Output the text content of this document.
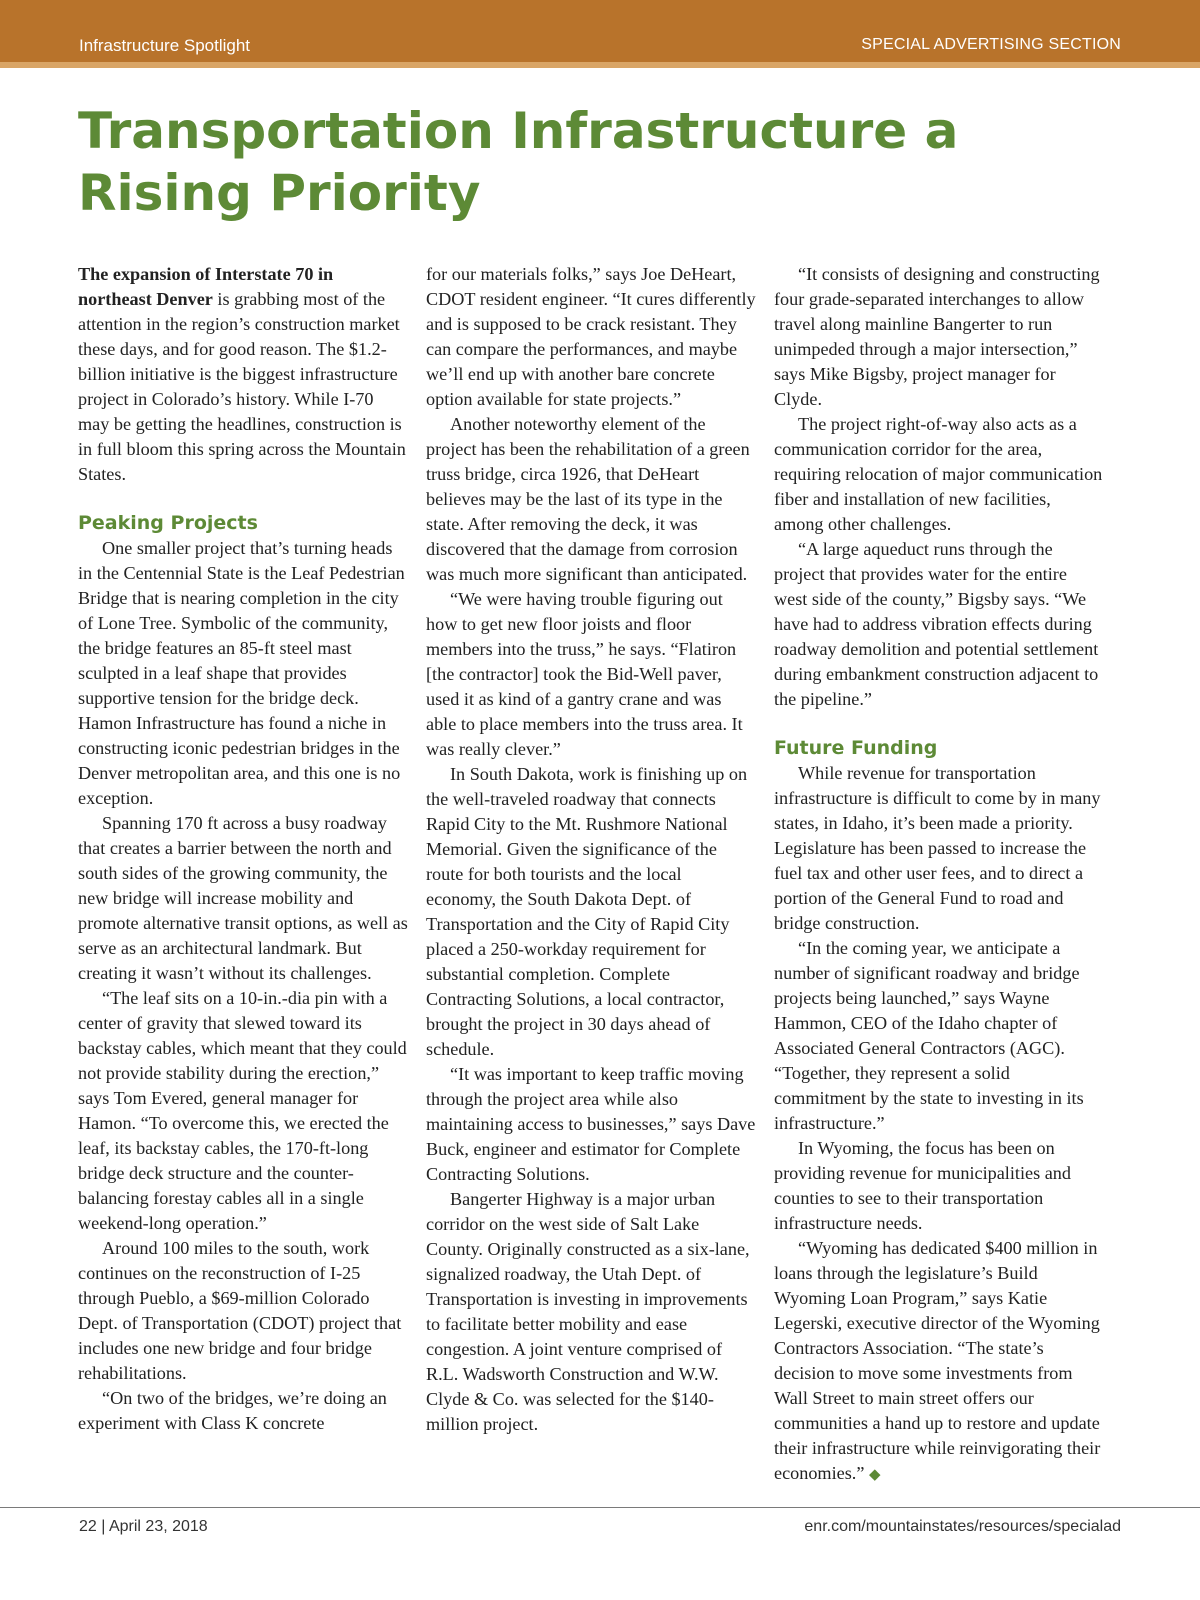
Infrastructure Spotlight	SPECIAL ADVERTISING SECTION
Transportation Infrastructure a Rising Priority

The expansion of Interstate 70 in northeast Denver is grabbing most of the attention in the region’s construction market these days, and for good reason. The $1.2-billion initiative is the biggest infrastructure project in Colorado’s history. While I-70 may be getting the headlines, construction is in full bloom this spring across the Mountain States.

Peaking Projects

One smaller project that’s turning heads in the Centennial State is the Leaf Pedestrian Bridge that is nearing completion in the city of Lone Tree. Symbolic of the community, the bridge features an 85-ft steel mast sculpted in a leaf shape that provides supportive tension for the bridge deck. Hamon Infrastructure has found a niche in constructing iconic pedestrian bridges in the Denver metropolitan area, and this one is no exception.

Spanning 170 ft across a busy roadway that creates a barrier between the north and south sides of the growing community, the new bridge will increase mobility and promote alternative transit options, as well as serve as an architectural landmark. But creating it wasn’t without its challenges.

“The leaf sits on a 10-in.-dia pin with a center of gravity that slewed toward its backstay cables, which meant that they could not provide stability during the erection,” says Tom Evered, general manager for Hamon. “To overcome this, we erected the leaf, its backstay cables, the 170-ft-long bridge deck structure and the counter-balancing forestay cables all in a single weekend-long operation.”

Around 100 miles to the south, work continues on the reconstruction of I-25 through Pueblo, a $69-million Colorado Dept. of Transportation (CDOT) project that includes one new bridge and four bridge rehabilitations.

“On two of the bridges, we’re doing an experiment with Class K concrete

for our materials folks,” says Joe DeHeart, CDOT resident engineer. “It cures differently and is supposed to be crack resistant. They can compare the performances, and maybe we’ll end up with another bare concrete option available for state projects.”

Another noteworthy element of the project has been the rehabilitation of a green truss bridge, circa 1926, that DeHeart believes may be the last of its type in the state. After removing the deck, it was discovered that the damage from corrosion was much more significant than anticipated.

“We were having trouble figuring out how to get new floor joists and floor members into the truss,” he says. “Flatiron [the contractor] took the Bid-Well paver, used it as kind of a gantry crane and was able to place members into the truss area. It was really clever.”

In South Dakota, work is finishing up on the well-traveled roadway that connects Rapid City to the Mt. Rushmore National Memorial. Given the significance of the route for both tourists and the local economy, the South Dakota Dept. of Transportation and the City of Rapid City placed a 250-workday requirement for substantial completion. Complete Contracting Solutions, a local contractor, brought the project in 30 days ahead of schedule.

“It was important to keep traffic moving through the project area while also maintaining access to businesses,” says Dave Buck, engineer and estimator for Complete Contracting Solutions.

Bangerter Highway is a major urban corridor on the west side of Salt Lake County. Originally constructed as a six-lane, signalized roadway, the Utah Dept. of Transportation is investing in improvements to facilitate better mobility and ease congestion. A joint venture comprised of R.L. Wadsworth Construction and W.W. Clyde & Co. was selected for the $140-million project.

“It consists of designing and constructing four grade-separated interchanges to allow travel along mainline Bangerter to run unimpeded through a major intersection,” says Mike Bigsby, project manager for Clyde.

The project right-of-way also acts as a communication corridor for the area, requiring relocation of major communication fiber and installation of new facilities, among other challenges.

“A large aqueduct runs through the project that provides water for the entire west side of the county,” Bigsby says. “We have had to address vibration effects during roadway demolition and potential settlement during embankment construction adjacent to the pipeline.”

Future Funding

While revenue for transportation infrastructure is difficult to come by in many states, in Idaho, it’s been made a priority. Legislature has been passed to increase the fuel tax and other user fees, and to direct a portion of the General Fund to road and bridge construction.

“In the coming year, we anticipate a number of significant roadway and bridge projects being launched,” says Wayne Hammon, CEO of the Idaho chapter of Associated General Contractors (AGC). “Together, they represent a solid commitment by the state to investing in its infrastructure.”

In Wyoming, the focus has been on providing revenue for municipalities and counties to see to their transportation infrastructure needs.

“Wyoming has dedicated $400 million in loans through the legislature’s Build Wyoming Loan Program,” says Katie Legerski, executive director of the Wyoming Contractors Association. “The state’s decision to move some investments from Wall Street to main street offers our communities a hand up to restore and update their infrastructure while reinvigorating their economies.” ◆

22 | April 23, 2018	enr.com/mountainstates/resources/specialad
